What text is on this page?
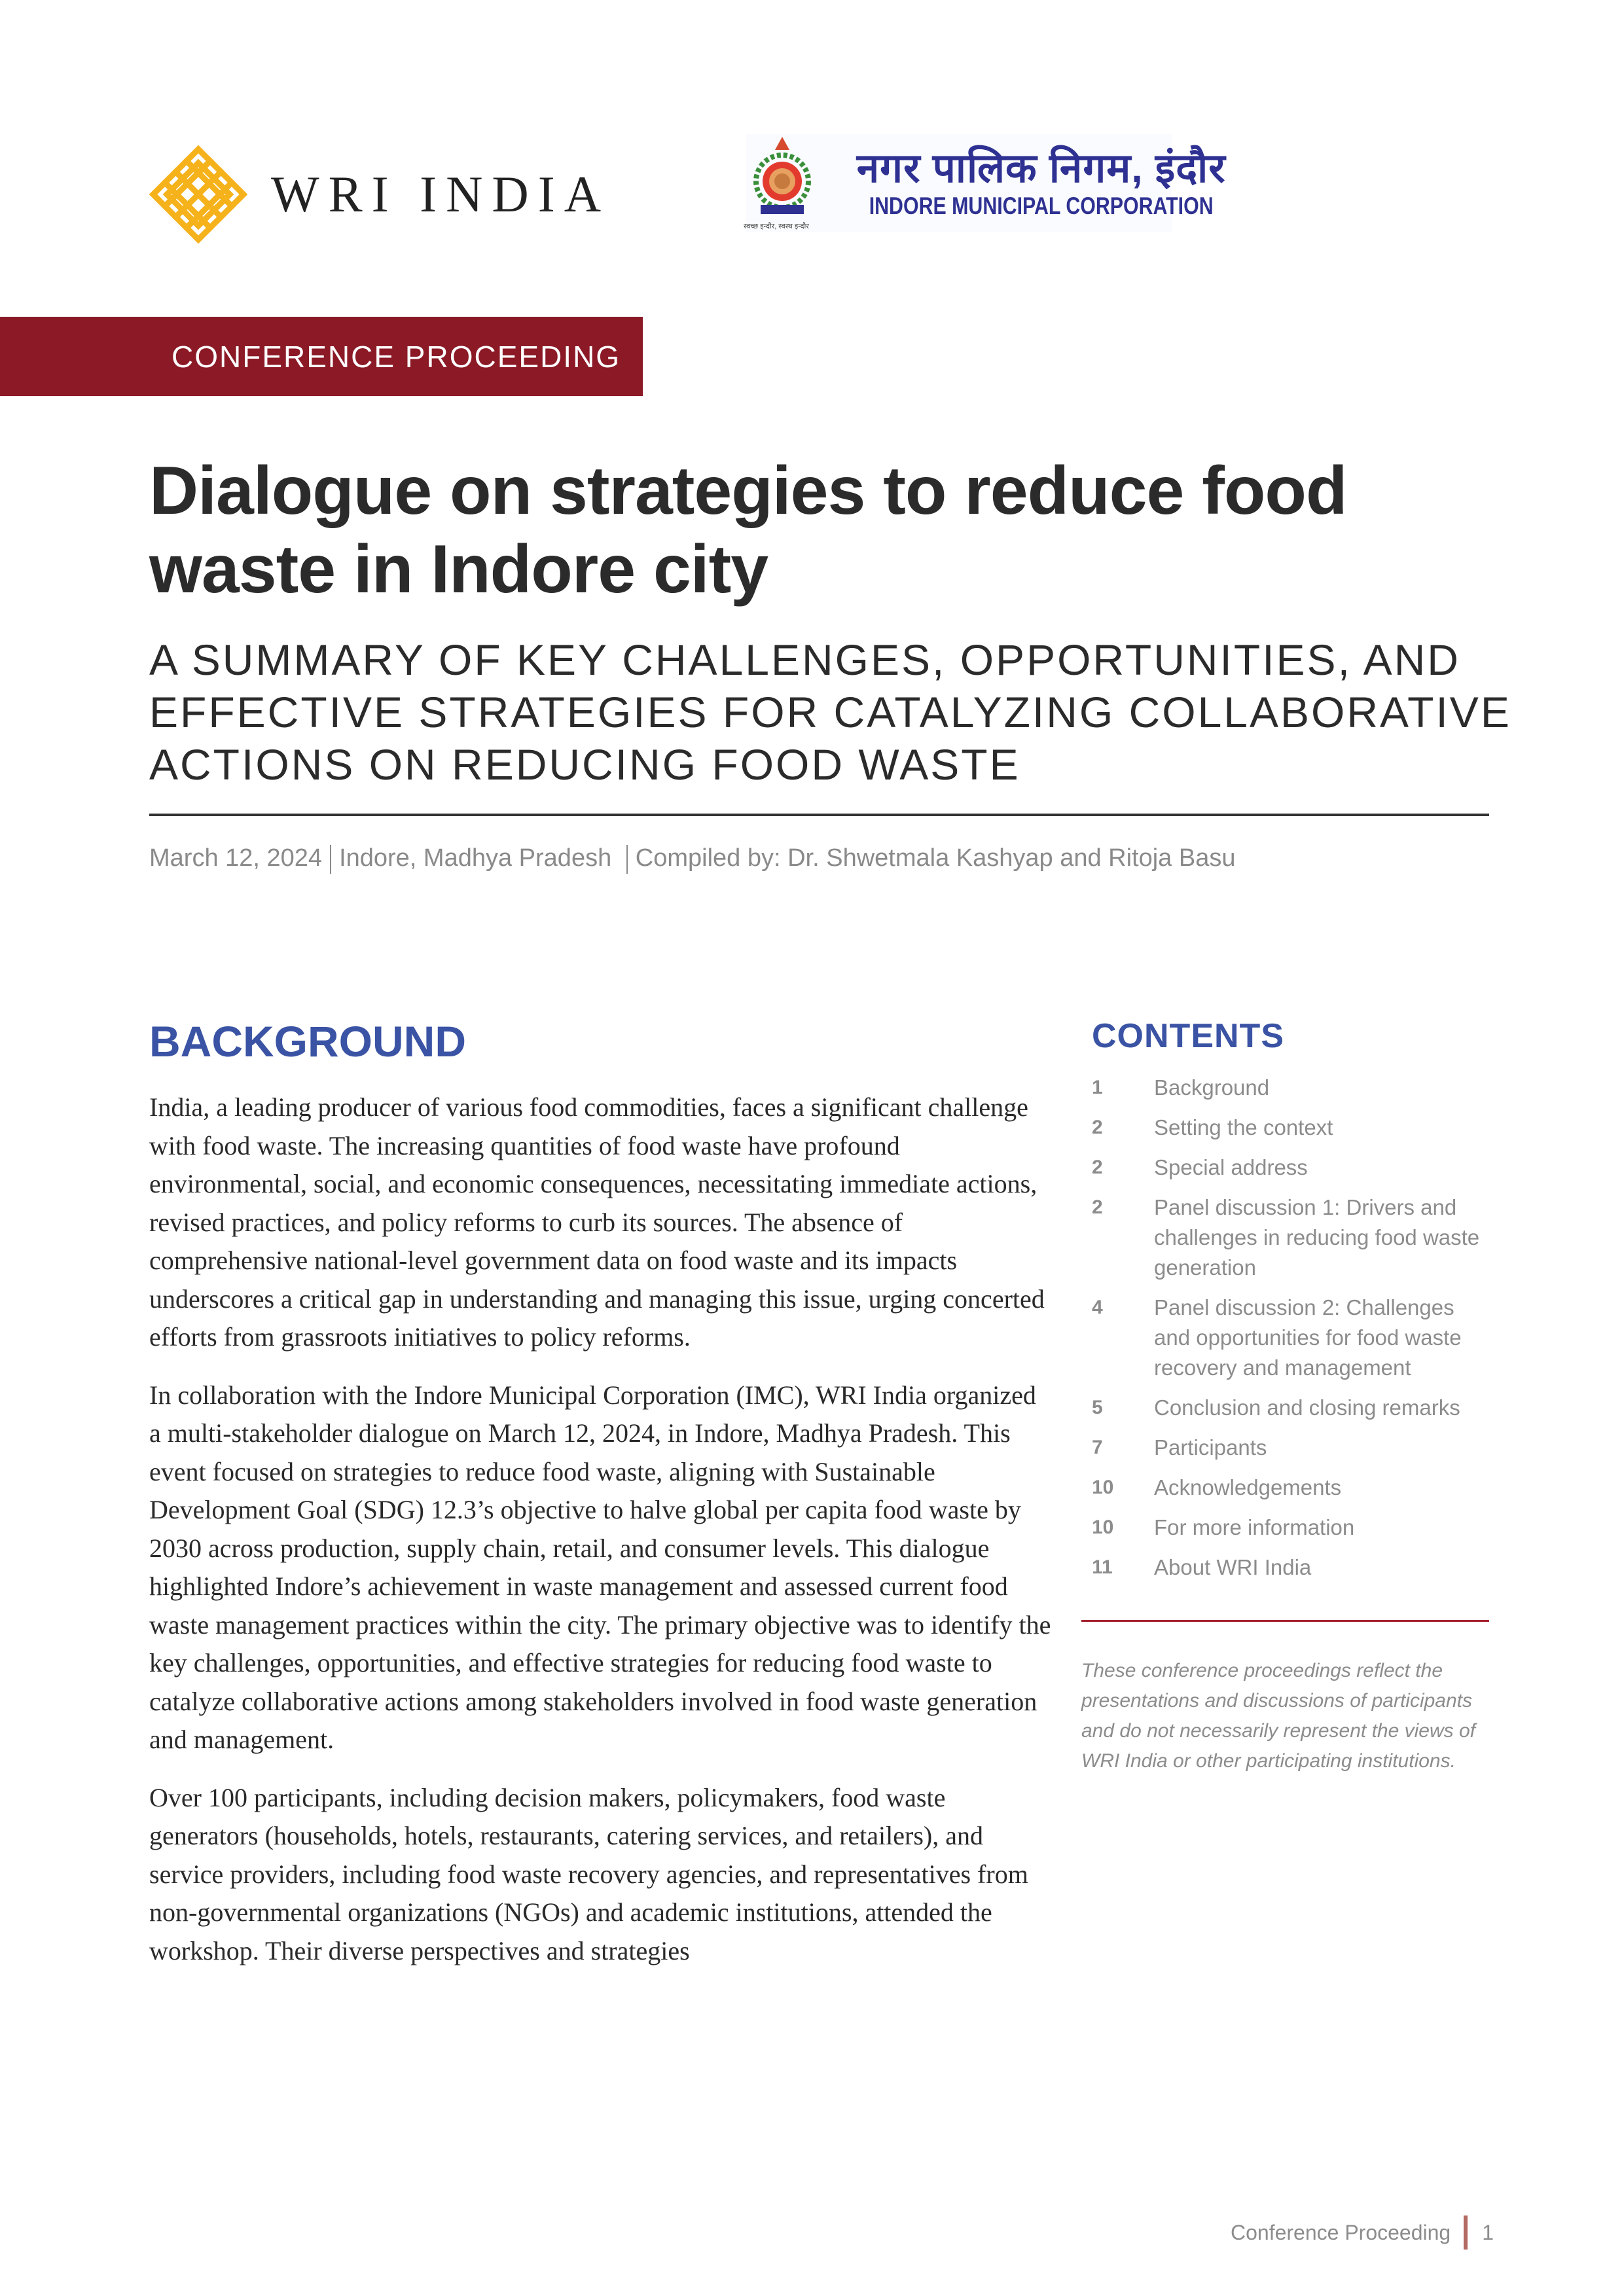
WRI INDIA
स्वच्छ इन्दौर, स्वस्थ इन्दौर
नगर पालिक निगम, इंदौर
INDORE MUNICIPAL CORPORATION
CONFERENCE PROCEEDING
Dialogue on strategies to reduce food waste in Indore city
A SUMMARY OF KEY CHALLENGES, OPPORTUNITIES, AND EFFECTIVE STRATEGIES FOR CATALYZING COLLABORATIVE ACTIONS ON REDUCING FOOD WASTE
March 12, 2024 Indore, Madhya Pradesh Compiled by: Dr. Shwetmala Kashyap and Ritoja Basu
BACKGROUND

India, a leading producer of various food commodities, faces a significant challenge with food waste. The increasing quantities of food waste have profound environmental, social, and economic consequences, necessitating immediate actions, revised practices, and policy reforms to curb its sources. The absence of comprehensive national-level government data on food waste and its impacts underscores a critical gap in understanding and managing this issue, urging concerted efforts from grassroots initiatives to policy reforms.

In collaboration with the Indore Municipal Corporation (IMC), WRI India organized a multi-stakeholder dialogue on March 12, 2024, in Indore, Madhya Pradesh. This event focused on strategies to reduce food waste, aligning with Sustainable Development Goal (SDG) 12.3’s objective to halve global per capita food waste by 2030 across production, supply chain, retail, and consumer levels. This dialogue highlighted Indore’s achievement in waste management and assessed current food waste management practices within the city. The primary objective was to identify the key challenges, opportunities, and effective strategies for reducing food waste to catalyze collaborative actions among stakeholders involved in food waste generation and management.

Over 100 participants, including decision makers, policymakers, food waste generators (households, hotels, restaurants, catering services, and retailers), and service providers, including food waste recovery agencies, and representatives from non-governmental organizations (NGOs) and academic institutions, attended the workshop. Their diverse perspectives and strategies

CONTENTS
1	Background
2	Setting the context
2	Special address
2	Panel discussion 1: Drivers and challenges in reducing food waste generation
4	Panel discussion 2: Challenges and opportunities for food waste recovery and management
5	Conclusion and closing remarks
7	Participants
10	Acknowledgements
10	For more information
11	About WRI India
These conference proceedings reflect the presentations and discussions of participants and do not necessarily represent the views of WRI India or other participating institutions.
Conference Proceeding 1
